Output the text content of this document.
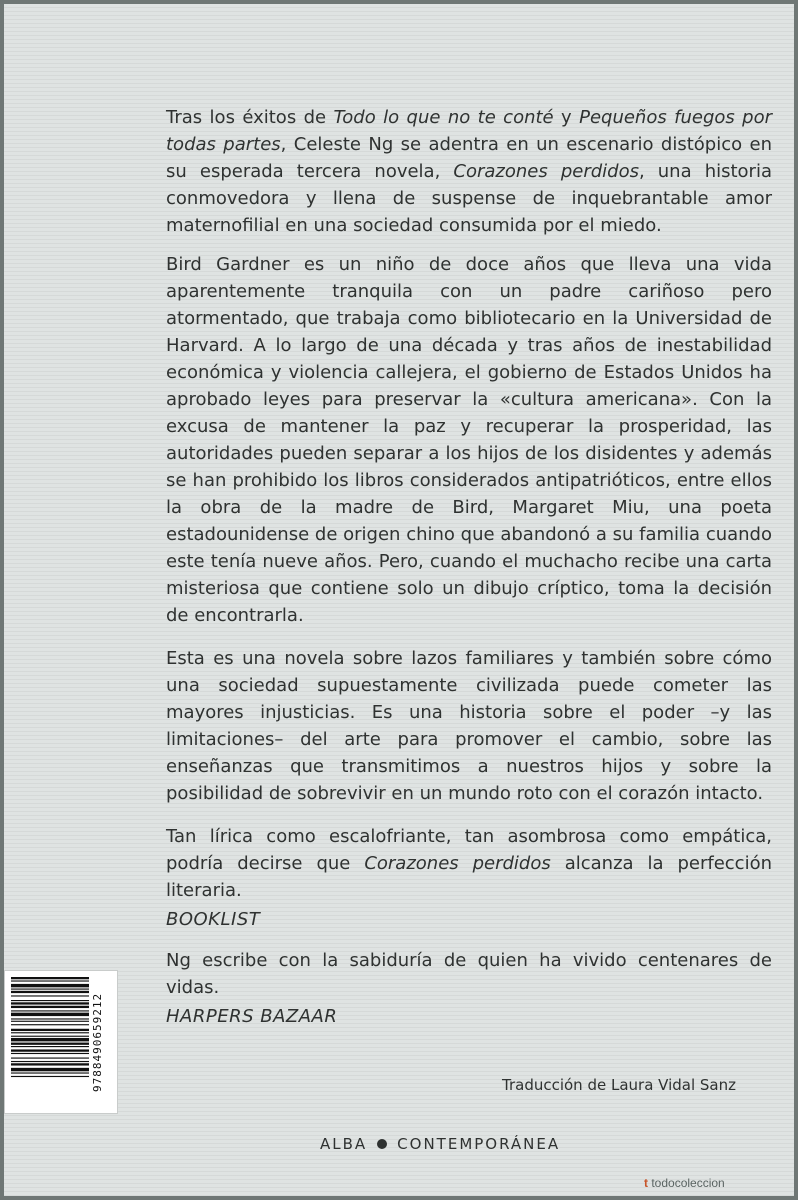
Tras los éxitos de Todo lo que no te conté y Pequeños fuegos por todas partes, Celeste Ng se adentra en un escenario distópico en su esperada tercera novela, Corazones perdidos, una historia conmovedora y llena de suspense de inquebrantable amor maternofilial en una sociedad consumida por el miedo.

Bird Gardner es un niño de doce años que lleva una vida aparentemente tranquila con un padre cariñoso pero atormentado, que trabaja como bibliotecario en la Universidad de Harvard. A lo largo de una década y tras años de inestabilidad económica y violencia callejera, el gobierno de Estados Unidos ha aprobado leyes para preservar la «cultura americana». Con la excusa de mantener la paz y recuperar la prosperidad, las autoridades pueden separar a los hijos de los disidentes y además se han prohibido los libros considerados antipatrióticos, entre ellos la obra de la madre de Bird, Margaret Miu, una poeta estadounidense de origen chino que abandonó a su familia cuando este tenía nueve años. Pero, cuando el muchacho recibe una carta misteriosa que contiene solo un dibujo críptico, toma la decisión de encontrarla.

Esta es una novela sobre lazos familiares y también sobre cómo una sociedad supuestamente civilizada puede cometer las mayores injusticias. Es una historia sobre el poder –y las limitaciones– del arte para promover el cambio, sobre las enseñanzas que transmitimos a nuestros hijos y sobre la posibilidad de sobrevivir en un mundo roto con el corazón intacto.

Tan lírica como escalofriante, tan asombrosa como empática, podría decirse que Corazones perdidos alcanza la perfección literaria.

BOOKLIST

Ng escribe con la sabiduría de quien ha vivido centenares de vidas.

HARPERS BAZAAR

Traducción de Laura Vidal Sanz
ALBA CONTEMPORÁNEA
t todocoleccion
9788490659212
